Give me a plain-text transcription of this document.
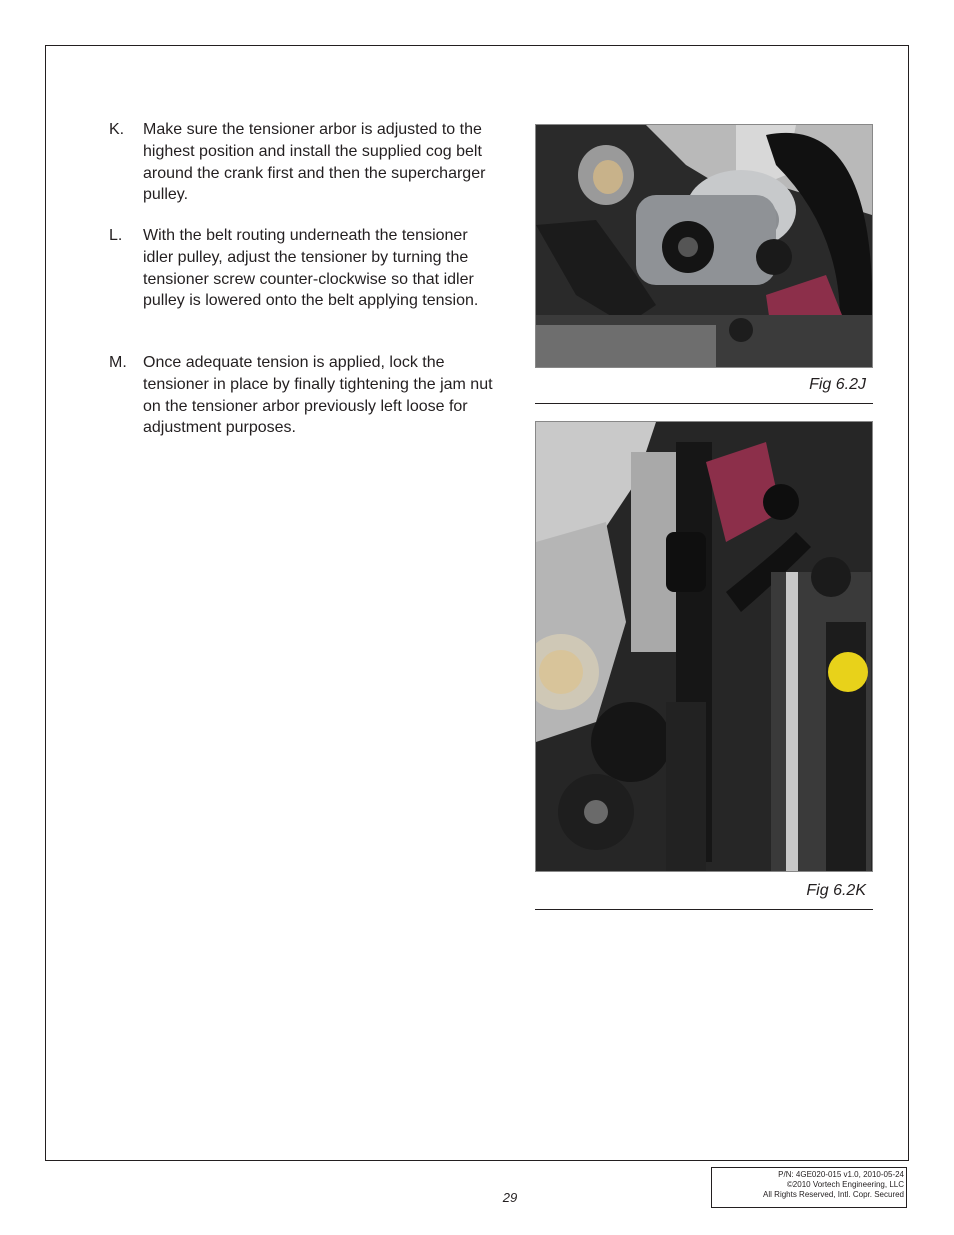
K.	Make sure the tensioner arbor is adjusted to the highest position and install the supplied cog belt around the crank first and then the supercharger pulley.
L.	With the belt routing underneath the tensioner idler pulley, adjust the tensioner by turning the tensioner screw counter-clockwise so that idler pulley is lowered onto the belt applying tension.
M.	Once adequate tension is applied, lock the tensioner in place by finally tightening the jam nut on the tensioner arbor previously left loose for adjustment purposes.
Fig 6.2J
Fig 6.2K
29
P/N: 4GE020-015 v1.0, 2010-05-24
©2010 Vortech Engineering, LLC
All Rights Reserved, Intl. Copr. Secured
